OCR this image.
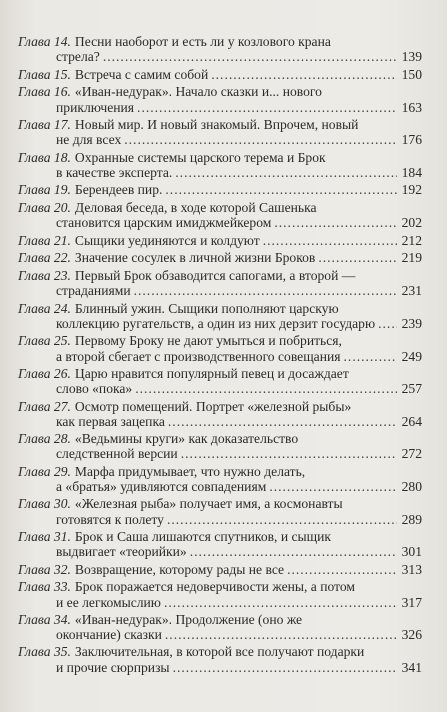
Глава 14. Песни наоборот и есть ли у козлового крана
стрела? .....	139
Глава 15. Встреча с самим собой .....	150
Глава 16. «Иван-недурак». Начало сказки и... нового
приключения .....	163
Глава 17. Новый мир. И новый знакомый. Впрочем, новый
не для всех .....	176
Глава 18. Охранные системы царского терема и Брок
в качестве эксперта. .....	184
Глава 19. Берендеев пир. .....	192
Глава 20. Деловая беседа, в ходе которой Сашенька
становится царским имиджмейкером .....	202
Глава 21. Сыщики уединяются и колдуют .....	212
Глава 22. Значение сосулек в личной жизни Броков .....	219
Глава 23. Первый Брок обзаводится сапогами, а второй —
страданиями .....	231
Глава 24. Блинный ужин. Сыщики пополняют царскую
коллекцию ругательств, а один из них дерзит государю ..... 239
Глава 25. Первому Броку не дают умыться и побриться,
а второй сбегает с производственного совещания .....	249
Глава 26. Царю нравится популярный певец и досаждает
слово «пока» .....	257
Глава 27. Осмотр помещений. Портрет «железной рыбы»
как первая зацепка .....	264
Глава 28. «Ведьмины круги» как доказательство
следственной версии .....	272
Глава 29. Марфа придумывает, что нужно делать,
а «братья» удивляются совпадениям .....	280
Глава 30. «Железная рыба» получает имя, а космонавты
готовятся к полету .....	289
Глава 31. Брок и Саша лишаются спутников, и сыщик
выдвигает «теорийки» .....	301
Глава 32. Возвращение, которому рады не все .....	313
Глава 33. Брок поражается недоверчивости жены, а потом
и ее легкомыслию .....	317
Глава 34. «Иван-недурак». Продолжение (оно же
окончание) сказки .....	326
Глава 35. Заключительная, в которой все получают подарки
и прочие сюрпризы .....	341
